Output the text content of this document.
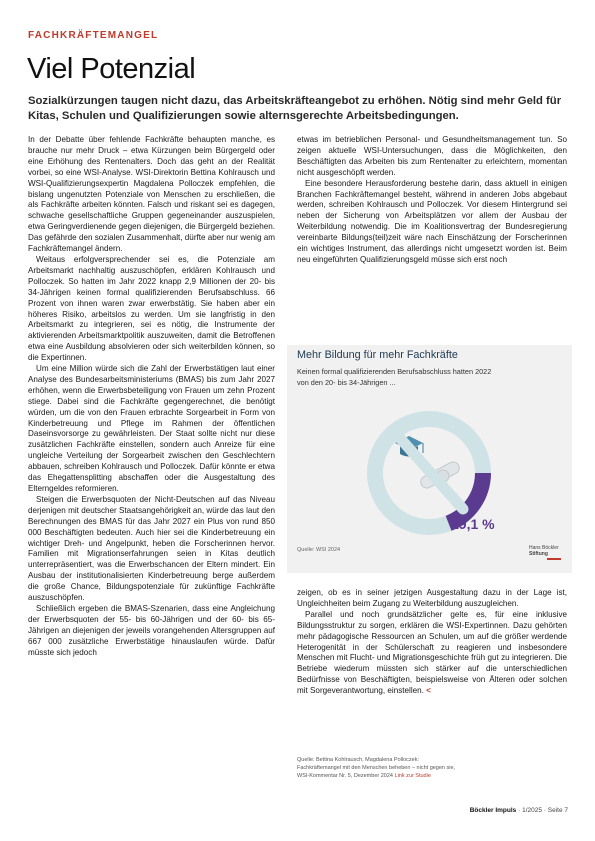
FACHKRÄFTEMANGEL
Viel Potenzial
Sozialkürzungen taugen nicht dazu, das Arbeitskräfteangebot zu erhöhen. Nötig sind mehr Geld für Kitas, Schulen und Qualifizierungen sowie alternsgerechte Arbeitsbedingungen.

In der Debatte über fehlende Fachkräfte behaupten manche, es brauche nur mehr Druck – etwa Kürzungen beim Bürgergeld oder eine Erhöhung des Rentenalters. Doch das geht an der Realität vorbei, so eine WSI-Analyse. WSI-Direktorin Bettina Kohlrausch und WSI-Qualifizierungsexpertin Magdalena Polloczek empfehlen, die bislang ungenutzten Potenziale von Menschen zu erschließen, die als Fachkräfte arbeiten könnten. Falsch und riskant sei es dagegen, schwache gesellschaftliche Gruppen gegeneinander auszuspielen, etwa Geringverdienende gegen diejenigen, die Bürgergeld beziehen. Das gefährde den sozialen Zusammenhalt, dürfte aber nur wenig am Fachkräftemangel ändern.

Weitaus erfolgversprechender sei es, die Potenziale am Arbeitsmarkt nachhaltig auszuschöpfen, erklären Kohlrausch und Polloczek. So hatten im Jahr 2022 knapp 2,9 Millionen der 20- bis 34-Jährigen keinen formal qualifizierenden Berufsabschluss. 66 Prozent von ihnen waren zwar erwerbstätig. Sie haben aber ein höheres Risiko, arbeitslos zu werden. Um sie langfristig in den Arbeitsmarkt zu integrieren, sei es nötig, die Instrumente der aktivierenden Arbeitsmarktpolitik auszuweiten, damit die Betroffenen etwa eine Ausbildung absolvieren oder sich weiterbilden können, so die Expertinnen.

Um eine Million würde sich die Zahl der Erwerbstätigen laut einer Analyse des Bundesarbeitsministeriums (BMAS) bis zum Jahr 2027 erhöhen, wenn die Erwerbsbeteiligung von Frauen um zehn Prozent stiege. Dabei sind die Fachkräfte gegengerechnet, die benötigt würden, um die von den Frauen erbrachte Sorgearbeit in Form von Kinderbetreuung und Pflege im Rahmen der öffentlichen Daseinsvorsorge zu gewährleisten. Der Staat sollte nicht nur diese zusätzlichen Fachkräfte einstellen, sondern auch Anreize für eine ungleiche Verteilung der Sorgearbeit zwischen den Geschlechtern abbauen, schreiben Kohlrausch und Polloczek. Dafür könnte er etwa das Ehegattensplitting abschaffen oder die Ausgestaltung des Elterngeldes reformieren.

Steigen die Erwerbsquoten der Nicht-Deutschen auf das Niveau derjenigen mit deutscher Staatsangehörigkeit an, würde das laut den Berechnungen des BMAS für das Jahr 2027 ein Plus von rund 850 000 Beschäftigten bedeuten. Auch hier sei die Kinderbetreuung ein wichtiger Dreh- und Angelpunkt, heben die Forscherinnen hervor. Familien mit Migrationserfahrungen seien in Kitas deutlich unterrepräsentiert, was die Erwerbschancen der Eltern mindert. Ein Ausbau der institutionalisierten Kinderbetreuung berge außerdem die große Chance, Bildungspotenziale für zukünftige Fachkräfte auszuschöpfen.

Schließlich ergeben die BMAS-Szenarien, dass eine Angleichung der Erwerbsquoten der 55- bis 60-Jährigen und der 60- bis 65-Jährigen an diejenigen der jeweils vorangehenden Altersgruppen auf 667 000 zusätzliche Erwerbstätige hinauslaufen würde. Dafür müsste sich jedoch

etwas im betrieblichen Personal- und Gesundheitsmanagement tun. So zeigen aktuelle WSI-Untersuchungen, dass die Möglichkeiten, den Beschäftigten das Arbeiten bis zum Rentenalter zu erleichtern, momentan nicht ausgeschöpft werden.

Eine besondere Herausforderung bestehe darin, dass aktuell in einigen Branchen Fachkräftemangel besteht, während in anderen Jobs abgebaut werden, schreiben Kohlrausch und Polloczek. Vor diesem Hintergrund sei neben der Sicherung von Arbeitsplätzen vor allem der Ausbau der Weiterbildung notwendig. Die im Koalitionsvertrag der Bundesregierung vereinbarte Bildungs(teil)zeit wäre nach Einschätzung der Forscherinnen ein wichtiges Instrument, das allerdings nicht umgesetzt worden ist. Beim neu eingeführten Qualifizierungsgeld müsse sich erst noch

Mehr Bildung für mehr Fachkräfte
Keinen formal qualifizierenden Berufsabschluss hatten 2022 von den 20- bis 34-Jährigen ...
19,1 %
Quelle: WSI 2024	Hans Böckler
Stiftung

zeigen, ob es in seiner jetzigen Ausgestaltung dazu in der Lage ist, Ungleichheiten beim Zugang zu Weiterbildung auszugleichen.

Parallel und noch grundsätzlicher gelte es, für eine inklusive Bildungsstruktur zu sorgen, erklären die WSI-Expertinnen. Dazu gehörten mehr pädagogische Ressourcen an Schulen, um auf die größer werdende Heterogenität in der Schülerschaft zu reagieren und insbesondere Menschen mit Flucht- und Migrationsgeschichte früh gut zu integrieren. Die Betriebe wiederum müssten sich stärker auf die unterschiedlichen Bedürfnisse von Beschäftigten, beispielsweise von Älteren oder solchen mit Sorgeverantwortung, einstellen. <

Quelle: Bettina Kohlrausch, Magdalena Polloczek:
Fachkräftemangel mit den Menschen beheben – nicht gegen sie,
WSI-Kommentar Nr. 5, Dezember 2024 Link zur Studie
Böckler Impuls · 1/2025 · Seite 7
